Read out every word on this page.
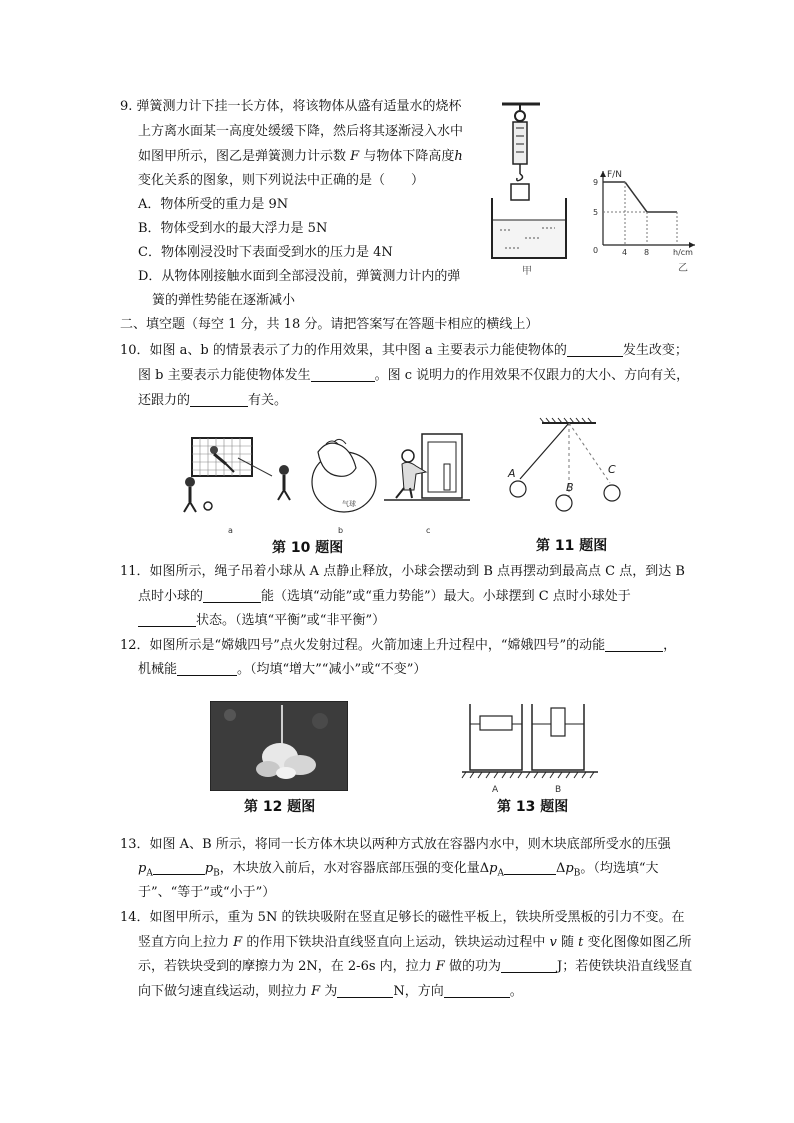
9. 弹簧测力计下挂一长方体，将该物体从盛有适量水的烧杯
上方离水面某一高度处缓缓下降，然后将其逐渐浸入水中
如图甲所示，图乙是弹簧测力计示数 F 与物体下降高度h
变化关系的图象，则下列说法中正确的是（　　）
A．物体所受的重力是 9N
B．物体受到水的最大浮力是 5N
C．物体刚浸没时下表面受到水的压力是 4N
D．从物体刚接触水面到全部浸没前，弹簧测力计内的弹
簧的弹性势能在逐渐减小
甲
F/N
9
5
0	4 8	h/cm
乙
二、填空题（每空 1 分，共 18 分。请把答案写在答题卡相应的横线上）
10．如图 a、b 的情景表示了力的作用效果，其中图 a 主要表示力能使物体的	发生改变；
图 b 主要表示力能使物体发生	。图 c 说明力的作用效果不仅跟力的大小、方向有关，
还跟力的	有关。
a
气球
b	c
第 10 题图
A
B
C
第 11 题图
11．如图所示，绳子吊着小球从 A 点静止释放，小球会摆动到 B 点再摆动到最高点 C 点，到达 B
点时小球的	能（选填“动能”或“重力势能”）最大。小球摆到 C 点时小球处于
状态。（选填“平衡”或“非平衡”）
12．如图所示是“嫦娥四号”点火发射过程。火箭加速上升过程中，“嫦娥四号”的动能	，
机械能	。（均填“增大”“减小”或“不变”）
第 12 题图
A	B
第 13 题图
13．如图 A、B 所示，将同一长方体木块以两种方式放在容器内水中，则木块底部所受水的压强
$p_A$	$p_B$，木块放入前后，水对容器底部压强的变化量$\Delta p_A$	$\Delta p_B$。（均选填“大
于”、“等于”或“小于”）
14．如图甲所示，重为 5N 的铁块吸附在竖直足够长的磁性平板上，铁块所受黑板的引力不变。在
竖直方向上拉力 F 的作用下铁块沿直线竖直向上运动，铁块运动过程中 v 随 t 变化图像如图乙所
示，若铁块受到的摩擦力为 2N，在 2-6s 内，拉力 F 做的功为	J；若使铁块沿直线竖直
向下做匀速直线运动，则拉力 F 为	N，方向	。
